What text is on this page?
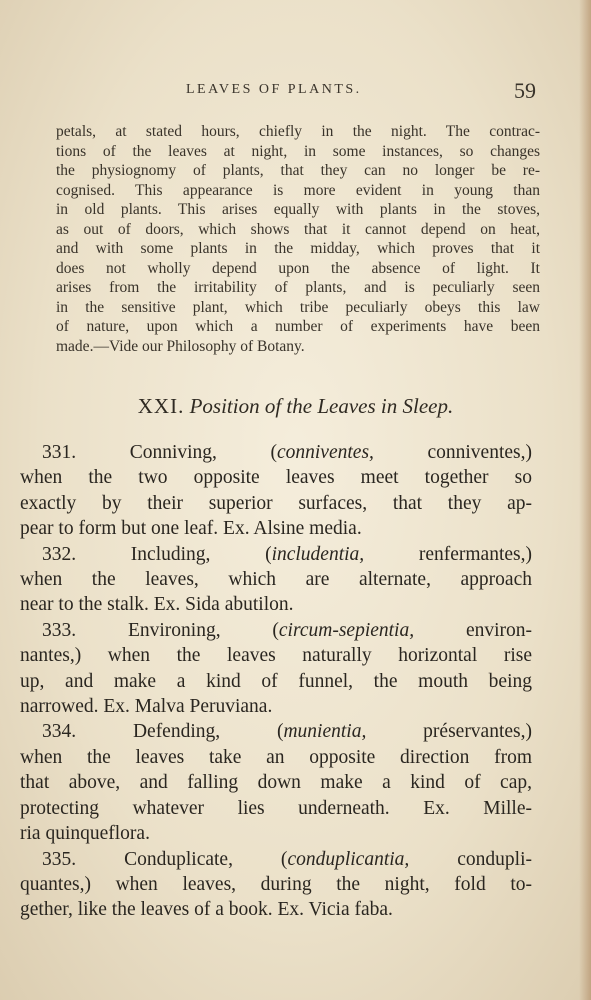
LEAVES OF PLANTS.	59
petals, at stated hours, chiefly in the night. The contrac-
tions of the leaves at night, in some instances, so changes
the physiognomy of plants, that they can no longer be re-
cognised. This appearance is more evident in young than
in old plants. This arises equally with plants in the stoves,
as out of doors, which shows that it cannot depend on heat,
and with some plants in the midday, which proves that it
does not wholly depend upon the absence of light. It
arises from the irritability of plants, and is peculiarly seen
in the sensitive plant, which tribe peculiarly obeys this law
of nature, upon which a number of experiments have been
made.—Vide our Philosophy of Botany.
XXI. Position of the Leaves in Sleep.
331. Conniving, (conniventes, conniventes,)
when the two opposite leaves meet together so
exactly by their superior surfaces, that they ap-
pear to form but one leaf. Ex. Alsine media.
332. Including, (includentia, renfermantes,)
when the leaves, which are alternate, approach
near to the stalk. Ex. Sida abutilon.
333. Environing, (circum-sepientia, environ-
nantes,) when the leaves naturally horizontal rise
up, and make a kind of funnel, the mouth being
narrowed. Ex. Malva Peruviana.
334. Defending, (munientia, préservantes,)
when the leaves take an opposite direction from
that above, and falling down make a kind of cap,
protecting whatever lies underneath. Ex. Mille-
ria quinqueflora.
335. Conduplicate, (conduplicantia, condupli-
quantes,) when leaves, during the night, fold to-
gether, like the leaves of a book. Ex. Vicia faba.
